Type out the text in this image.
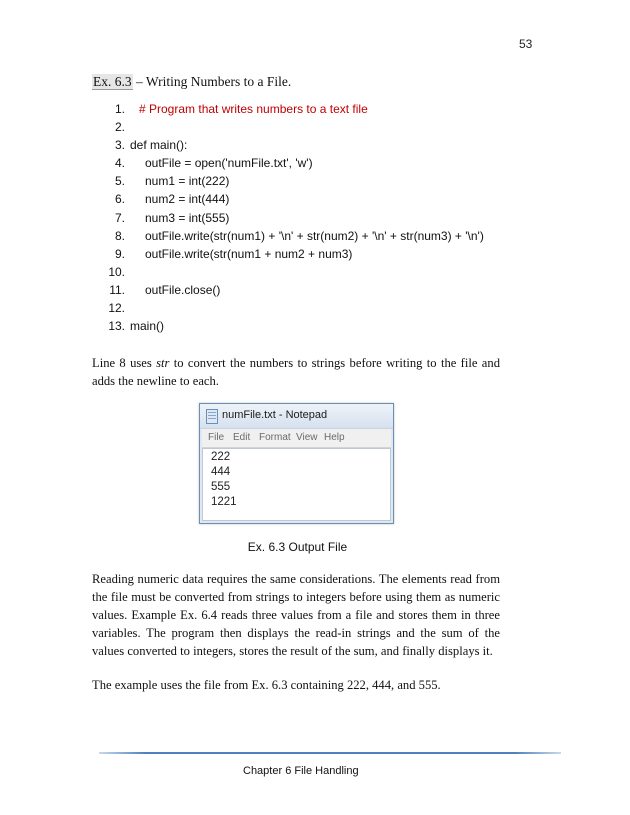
53
Ex. 6.3 – Writing Numbers to a File.
1. # Program that writes numbers to a text file
2.
3. def main():
4. outFile = open('numFile.txt', 'w')
5. num1 = int(222)
6. num2 = int(444)
7. num3 = int(555)
8. outFile.write(str(num1) + '\n' + str(num2) + '\n' + str(num3) + '\n')
9. outFile.write(str(num1 + num2 + num3)
10.
11. outFile.close()
12.
13. main()
Line 8 uses str to convert the numbers to strings before writing to the file and adds the newline to each.
numFile.txt - Notepad
File Edit Format View Help
222
444
555
1221
Ex. 6.3 Output File
Reading numeric data requires the same considerations. The elements read from the file must be converted from strings to integers before using them as numeric values. Example Ex. 6.4 reads three values from a file and stores them in three variables. The program then displays the read-in strings and the sum of the values converted to integers, stores the result of the sum, and finally displays it.
The example uses the file from Ex. 6.3 containing 222, 444, and 555.
Chapter 6 File Handling
